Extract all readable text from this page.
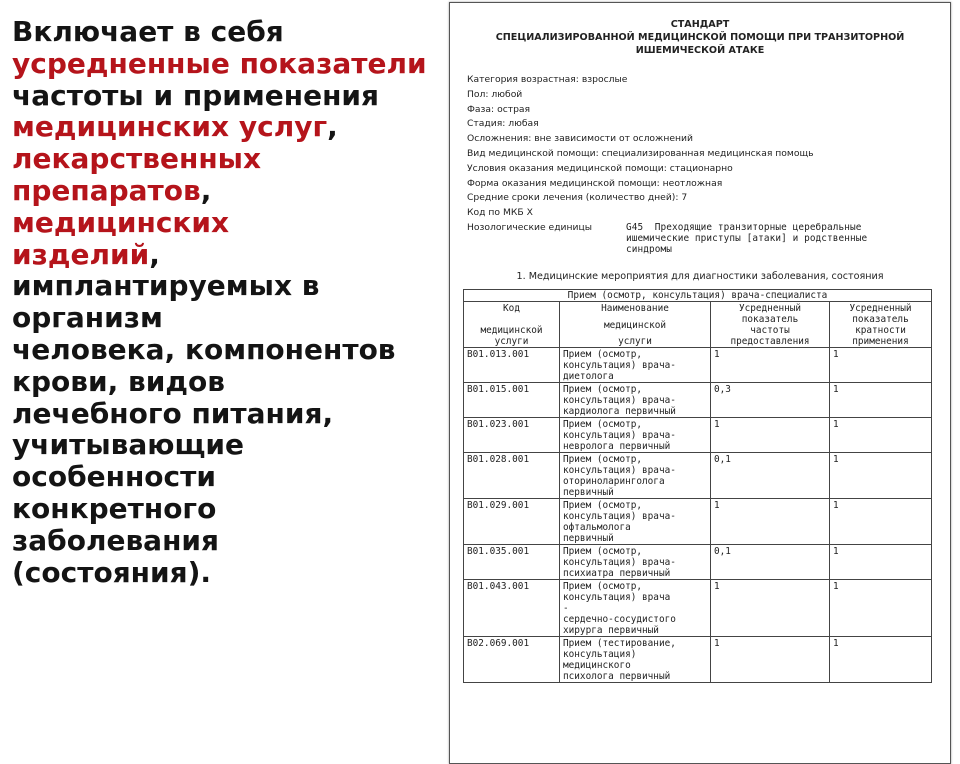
Включает в себя
усредненные показатели
частоты и применения
медицинских услуг,
лекарственных
препаратов,
медицинских
изделий,
имплантируемых в
организм
человека, компонентов
крови, видов
лечебного питания,
учитывающие
особенности
конкретного
заболевания
(состояния).
СТАНДАРТ
СПЕЦИАЛИЗИРОВАННОЙ МЕДИЦИНСКОЙ ПОМОЩИ ПРИ ТРАНЗИТОРНОЙ
ИШЕМИЧЕСКОЙ АТАКЕ
Категория возрастная: взрослые
Пол: любой
Фаза: острая
Стадия: любая
Осложнения: вне зависимости от осложнений
Вид медицинской помощи: специализированная медицинская помощь
Условия оказания медицинской помощи: стационарно
Форма оказания медицинской помощи: неотложная
Средние сроки лечения (количество дней): 7
Код по МКБ X
Нозологические единицы	G45  Преходящие транзиторные церебральные
ишемические приступы [атаки] и родственные
синдромы
1. Медицинские мероприятия для диагностики заболевания, состояния
Прием (осмотр, консультация) врача-специалиста			

Код

медицинской
услуги	Наименование
медицинской
услуги	Усредненный
показатель
частоты
предоставления	Усредненный
показатель
кратности
применения

B01.013.001	Прием (осмотр,
консультация) врача-
диетолога	1	1
B01.015.001	Прием (осмотр,
консультация) врача-
кардиолога первичный	0,3	1
B01.023.001	Прием (осмотр,
консультация) врача-
невролога первичный	1	1
B01.028.001	Прием (осмотр,
консультация) врача-
оториноларинголога
первичный	0,1	1
B01.029.001	Прием (осмотр,
консультация) врача-
офтальмолога
первичный	1	1
B01.035.001	Прием (осмотр,
консультация) врача-
психиатра первичный	0,1	1
B01.043.001	Прием (осмотр,
консультация) врача
-
сердечно-сосудистого
хирурга первичный	1	1
B02.069.001	Прием (тестирование,
консультация)
медицинского
психолога первичный	1	1
